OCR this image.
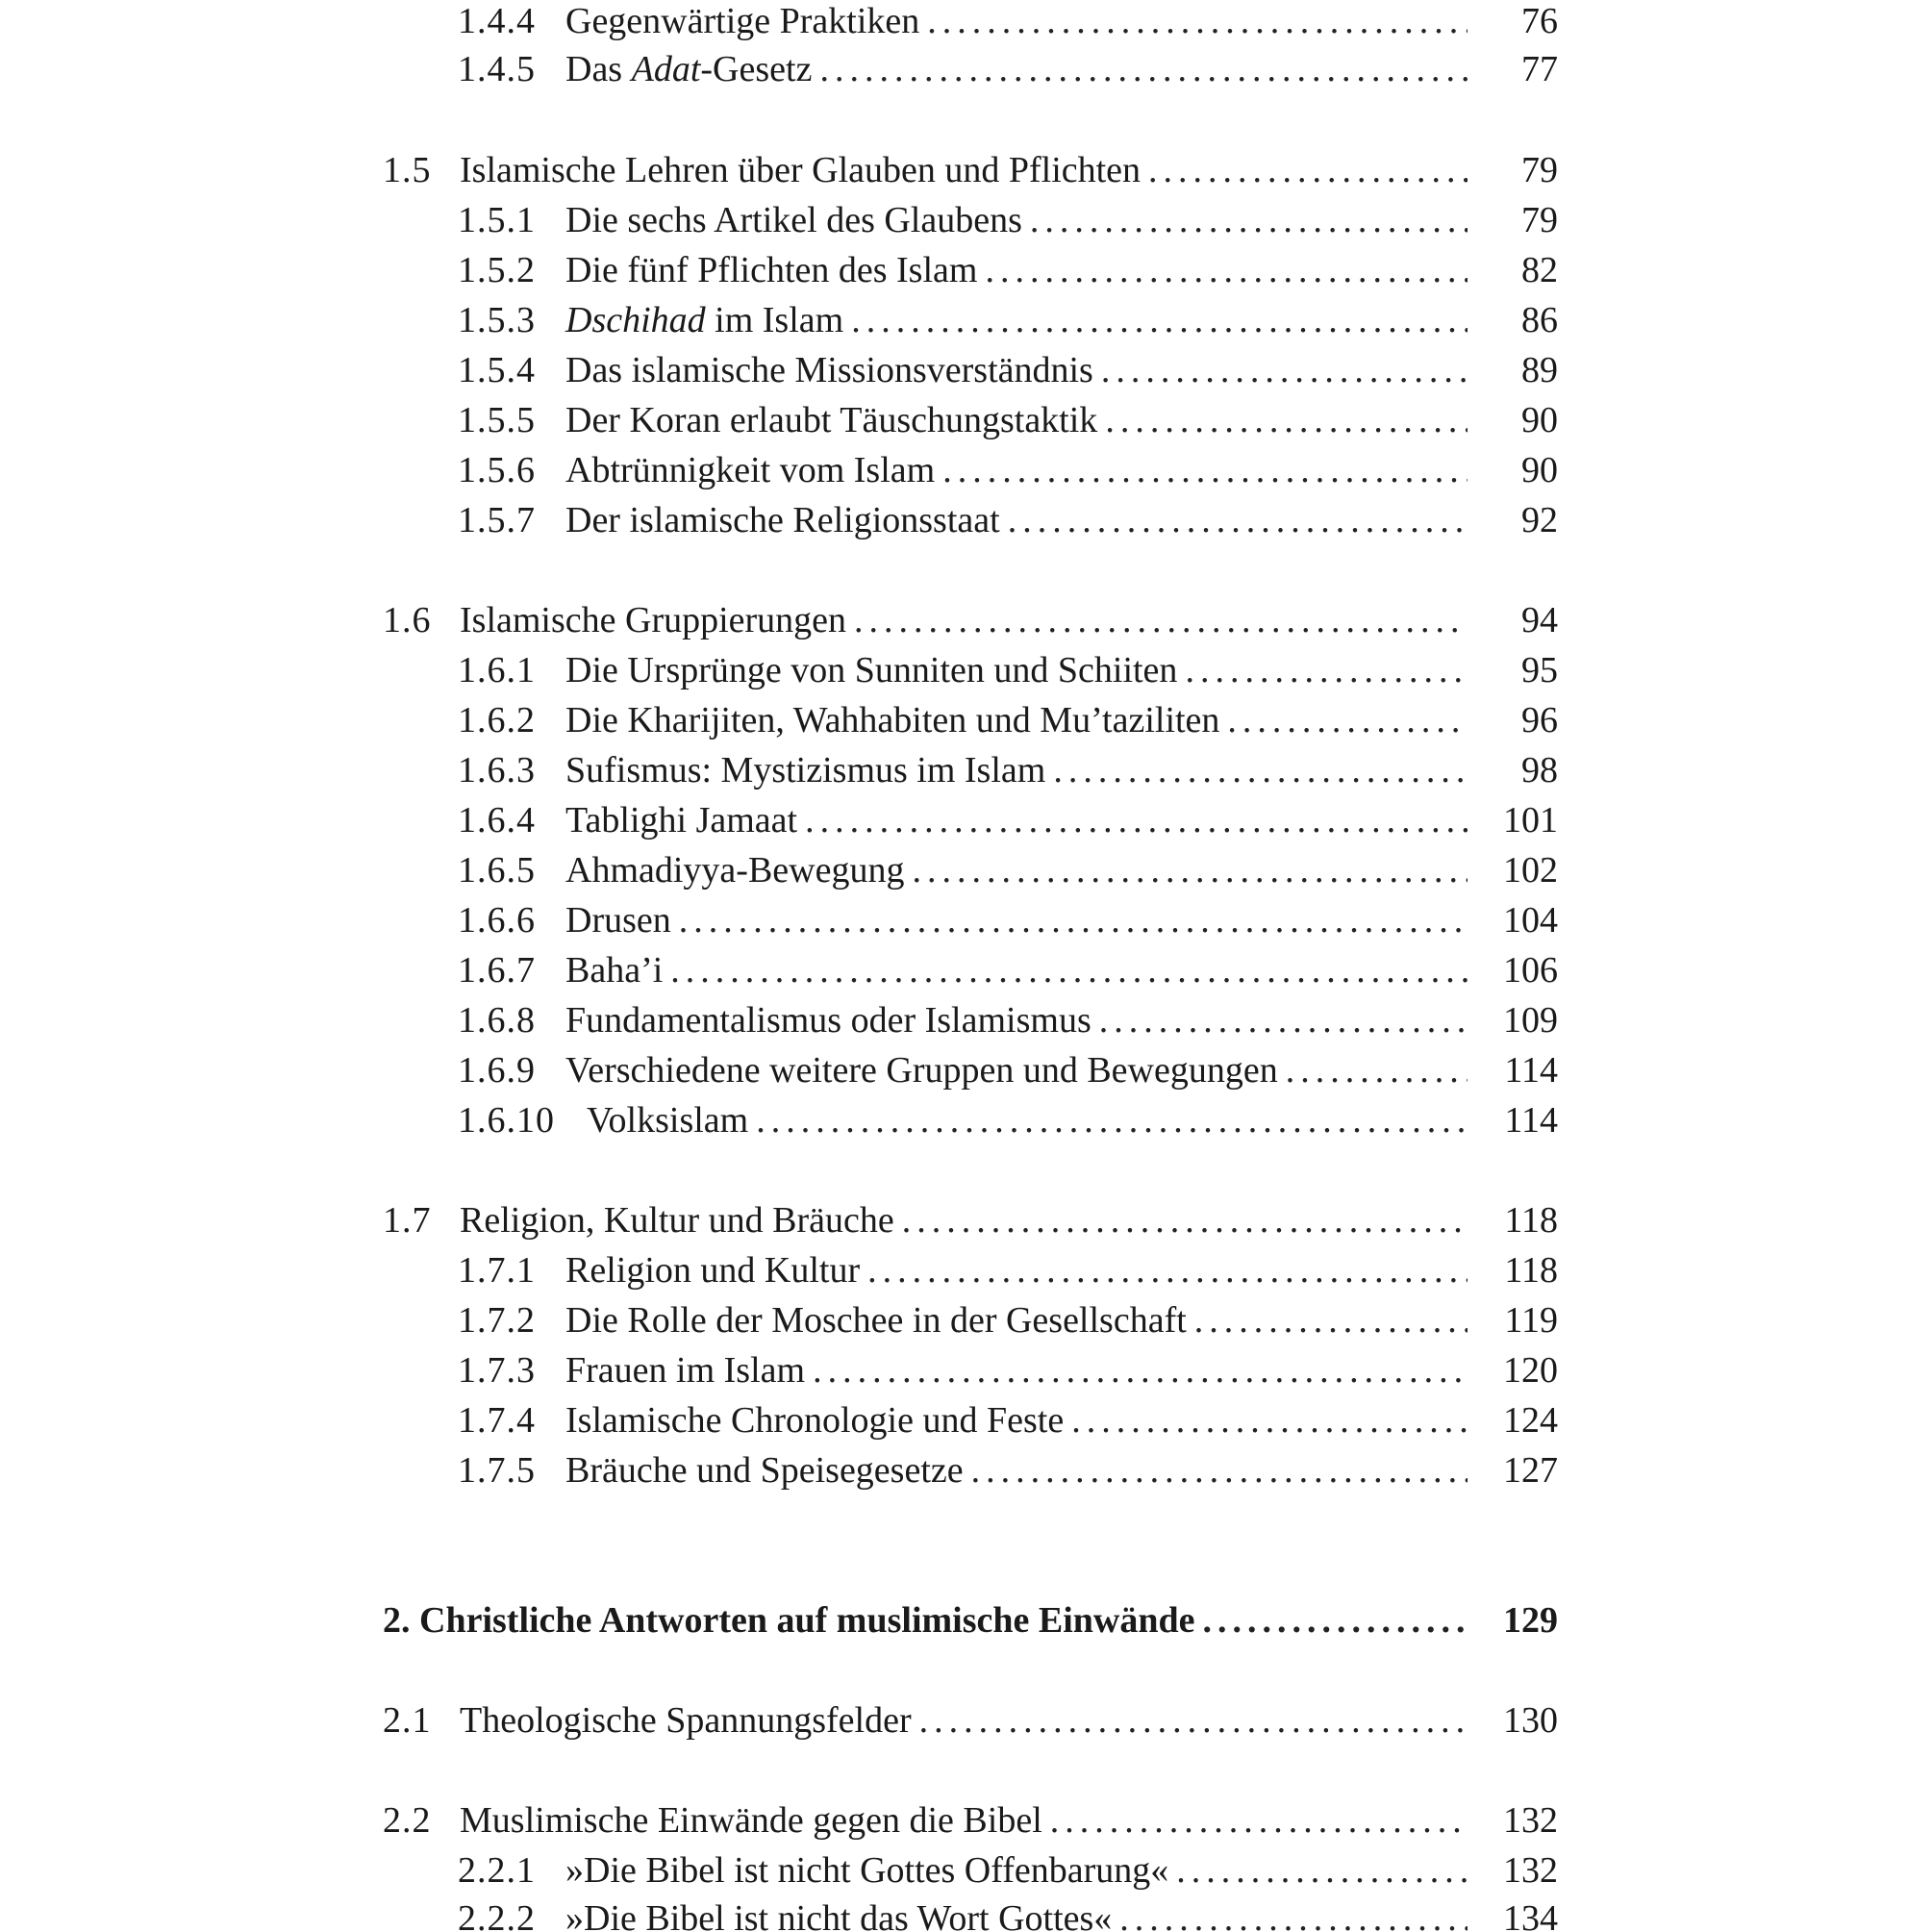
1.4.4 Gegenwärtige Praktiken .....	76
1.4.5 Das Adat-Gesetz .....	77
1.5 Islamische Lehren über Glauben und Pflichten .....	79
1.5.1 Die sechs Artikel des Glaubens .....	79
1.5.2 Die fünf Pflichten des Islam .....	82
1.5.3 Dschihad im Islam .....	86
1.5.4 Das islamische Missionsverständnis .....	89
1.5.5 Der Koran erlaubt Täuschungstaktik .....	90
1.5.6 Abtrünnigkeit vom Islam .....	90
1.5.7 Der islamische Religionsstaat .....	92
1.6 Islamische Gruppierungen .....	94
1.6.1 Die Ursprünge von Sunniten und Schiiten .....	95
1.6.2 Die Kharijiten, Wahhabiten und Mu’taziliten .....	96
1.6.3 Sufismus: Mystizismus im Islam .....	98
1.6.4 Tablighi Jamaat .....	101
1.6.5 Ahmadiyya-Bewegung .....	102
1.6.6 Drusen .....	104
1.6.7 Baha’i .....	106
1.6.8 Fundamentalismus oder Islamismus .....	109
1.6.9 Verschiedene weitere Gruppen und Bewegungen .....	114
1.6.10 Volksislam .....	114
1.7 Religion, Kultur und Bräuche .....	118
1.7.1 Religion und Kultur .....	118
1.7.2 Die Rolle der Moschee in der Gesellschaft .....	119
1.7.3 Frauen im Islam .....	120
1.7.4 Islamische Chronologie und Feste .....	124
1.7.5 Bräuche und Speisegesetze .....	127
2. Christliche Antworten auf muslimische Einwände .....	129
2.1 Theologische Spannungsfelder .....	130
2.2 Muslimische Einwände gegen die Bibel .....	132
2.2.1 »Die Bibel ist nicht Gottes Offenbarung« .....	132
2.2.2 »Die Bibel ist nicht das Wort Gottes« .....	134
